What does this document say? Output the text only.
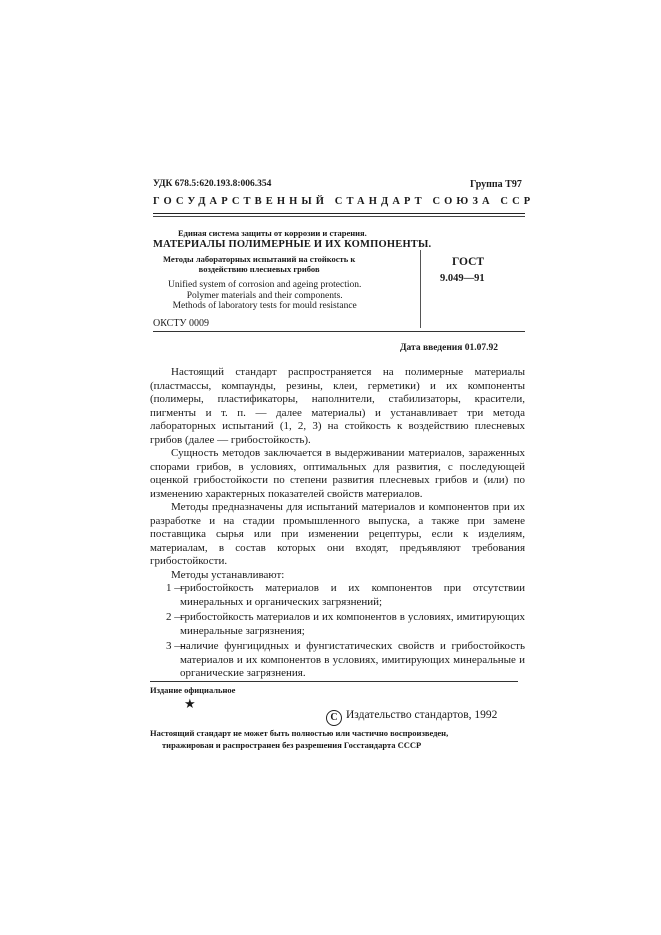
УДК 678.5:620.193.8:006.354	Группа Т97
ГОСУДАРСТВЕННЫЙ СТАНДАРТ СОЮЗА ССР
Единая система защиты от коррозии и старения.
МАТЕРИАЛЫ ПОЛИМЕРНЫЕ И ИХ КОМПОНЕНТЫ.
Методы лабораторных испытаний на стойкость к
воздействию плесневых грибов
Unified system of corrosion and ageing protection.
Polymer materials and their components.
Methods of laboratory tests for mould resistance
ГОСТ
9.049—91
ОКСТУ 0009
Дата введения 01.07.92

Настоящий стандарт распространяется на полимерные материалы (пластмассы, компаунды, резины, клеи, герметики) и их компоненты (полимеры, пластификаторы, наполнители, стабилизаторы, красители, пигменты и т. п. — далее материалы) и устанавливает три метода лабораторных испытаний (1, 2, 3) на стойкость к воздействию плесневых грибов (далее — грибостойкость).

Сущность методов заключается в выдерживании материалов, зараженных спорами грибов, в условиях, оптимальных для развития, с последующей оценкой грибостойкости по степени развития плесневых грибов и (или) по изменению характерных показателей свойств материалов.

Методы предназначены для испытаний материалов и компонентов при их разработке и на стадии промышленного выпуска, а также при замене поставщика сырья или при изменении рецептуры, если к изделиям, материалам, в состав которых они входят, предъявляют требования грибостойкости.

Методы устанавливают:

1 —
грибостойкость материалов и их компонентов при отсутствии минеральных и органических загрязнений;
2 —
грибостойкость материалов и их компонентов в условиях, имитирующих минеральные загрязнения;
3 —
наличие фунгицидных и фунгистатических свойств и грибостойкость материалов и их компонентов в условиях, имитирующих минеральные и органические загрязнения.
Издание официальное
★
C Издательство стандартов, 1992
Настоящий стандарт не может быть полностью или частично воспроизведен,
тиражирован и распространен без разрешения Госстандарта СССР
